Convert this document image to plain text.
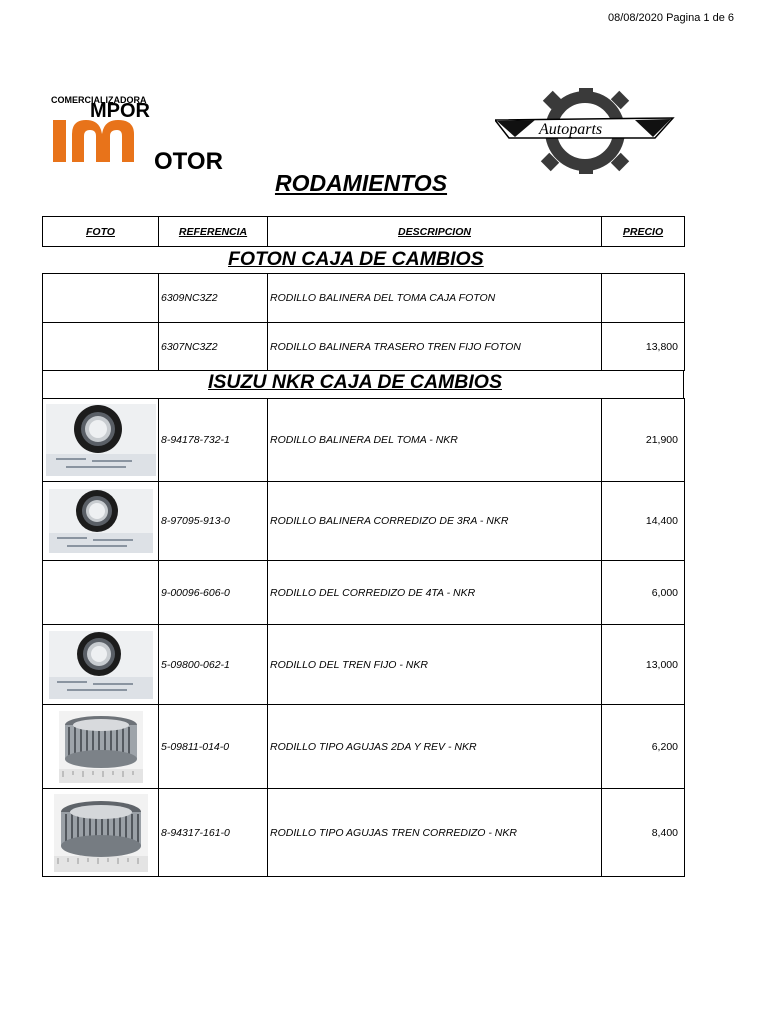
08/08/2020 Pagina 1 de 6
COMERCIALIZADORA
MPOR
OTOR
Autoparts
RODAMIENTOS
FOTO	REFERENCIA	DESCRIPCION	PRECIO
FOTON CAJA DE CAMBIOS
	6309NC3Z2	RODILLO BALINERA DEL TOMA CAJA FOTON	
	6307NC3Z2	RODILLO BALINERA TRASERO TREN FIJO FOTON	13,800
ISUZU NKR CAJA DE CAMBIOS
	8-94178-732-1	RODILLO BALINERA DEL TOMA - NKR	21,900

	8-97095-913-0	RODILLO BALINERA CORREDIZO DE 3RA - NKR	14,400
	9-00096-606-0	RODILLO DEL CORREDIZO DE 4TA - NKR	6,000

	5-09800-062-1	RODILLO DEL TREN FIJO - NKR	13,000

	5-09811-014-0	RODILLO TIPO AGUJAS 2DA Y REV - NKR	6,200

	8-94317-161-0	RODILLO TIPO AGUJAS TREN CORREDIZO - NKR	8,400
